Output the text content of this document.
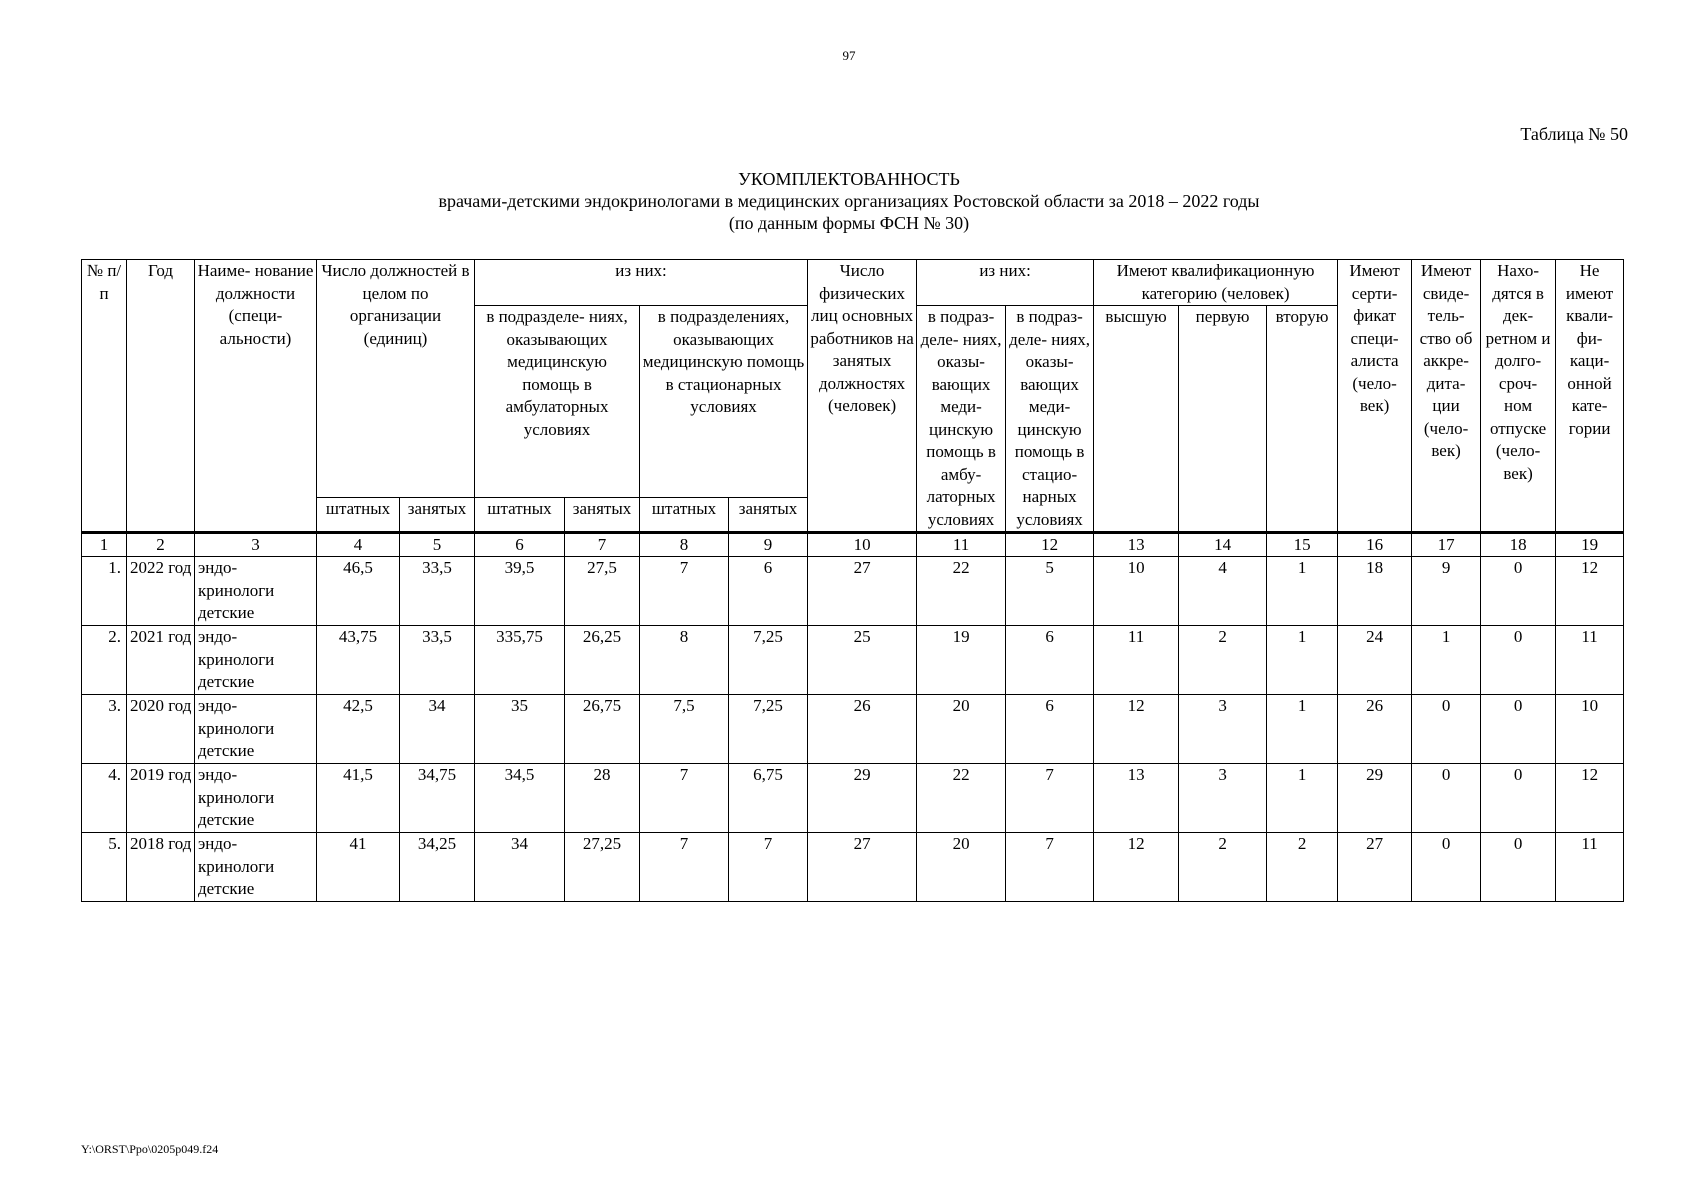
97
Таблица № 50
УКОМПЛЕКТОВАННОСТЬ
врачами-детскими эндокринологами в медицинских организациях Ростовской области за 2018 – 2022 годы
(по данным формы ФСН № 30)
№ п/п	Год	Наиме- нование должности (специ- альности)	Число должностей в целом по организации (единиц)		из них:				Число физических лиц основных работников на занятых должностях (человек)	из них:		Имеют квалификационную категорию (человек)			Имеют серти- фикат специ- алиста (чело- век)	Имеют свиде- тель- ство об аккре- дита- ции (чело- век)	Нахо- дятся в дек- ретном и долго- сроч- ном отпуске (чело- век)	Не имеют квали- фи- каци- онной кате- гории
					в подразделе- ниях, оказывающих медицинскую помощь в амбулаторных условиях		в подразделениях, оказывающих медицинскую помощь в стационарных условиях			в подраз- деле- ниях, оказы- вающих меди- цинскую помощь в амбу- латорных условиях	в подраз- деле- ниях, оказы- вающих меди- цинскую помощь в стацио- нарных условиях	высшую	первую	вторую				
			штатных	занятых	штатных	занятых	штатных	занятых										
1	2	3	4	5	6	7	8	9	10	11	12	13	14	15	16	17	18	19
1.	2022 год	эндо- кринологи детские	46,5	33,5	39,5	27,5	7	6	27	22	5	10	4	1	18	9	0	12
2.	2021 год	эндо- кринологи детские	43,75	33,5	335,75	26,25	8	7,25	25	19	6	11	2	1	24	1	0	11
3.	2020 год	эндо- кринологи детские	42,5	34	35	26,75	7,5	7,25	26	20	6	12	3	1	26	0	0	10
4.	2019 год	эндо- кринологи детские	41,5	34,75	34,5	28	7	6,75	29	22	7	13	3	1	29	0	0	12
5.	2018 год	эндо- кринологи детские	41	34,25	34	27,25	7	7	27	20	7	12	2	2	27	0	0	11
Y:\ORST\Ppo\0205p049.f24
